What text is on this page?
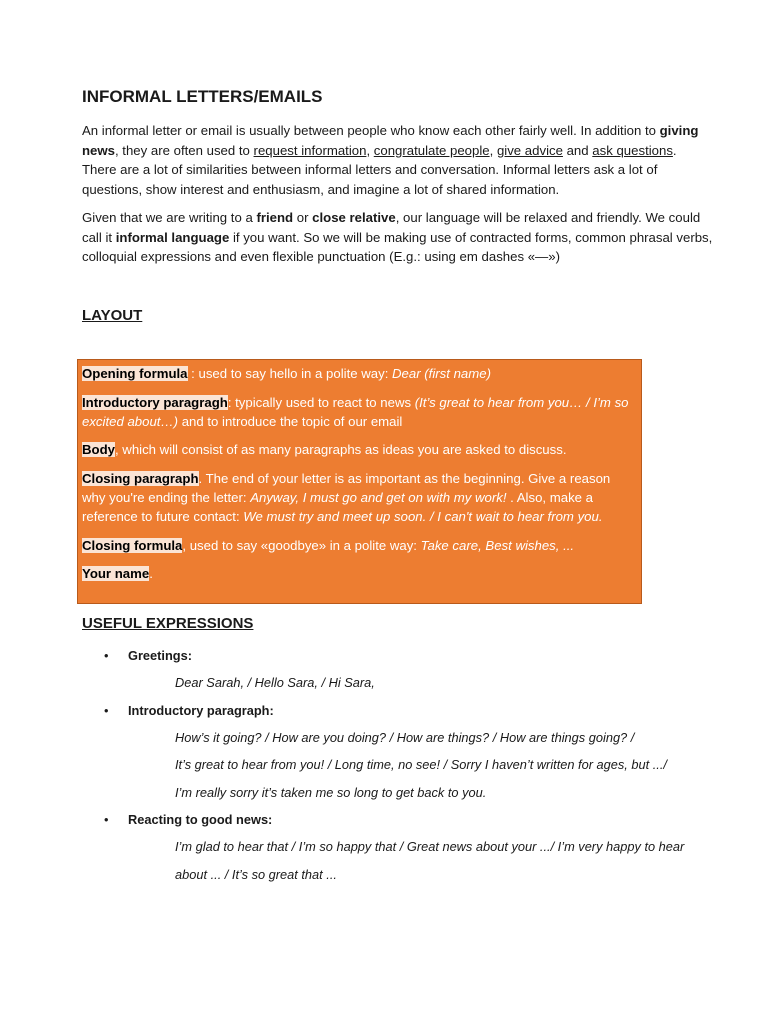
INFORMAL LETTERS/EMAILS

An informal letter or email is usually between people who know each other fairly well. In addition to giving news, they are often used to request information, congratulate people, give advice and ask questions. There are a lot of similarities between informal letters and conversation. Informal letters ask a lot of questions, show interest and enthusiasm, and imagine a lot of shared information.

Given that we are writing to a friend or close relative, our language will be relaxed and friendly. We could call it informal language if you want. So we will be making use of contracted forms, common phrasal verbs, colloquial expressions and even flexible punctuation (E.g.: using em dashes «—»)

LAYOUT
Opening formula : used to say hello in a polite way: Dear (first name)
Introductory paragragh: typically used to react to news (It’s great to hear from you… / I’m so excited about…) and to introduce the topic of our email
Body, which will consist of as many paragraphs as ideas you are asked to discuss.
Closing paragraph. The end of your letter is as important as the beginning. Give a reason why you're ending the letter: Anyway, I must go and get on with my work! . Also, make a reference to future contact: We must try and meet up soon. / I can't wait to hear from you.
Closing formula, used to say «goodbye» in a polite way: Take care, Best wishes, ...
Your name.
USEFUL EXPRESSIONS
• Greetings:
Dear Sarah, / Hello Sara, / Hi Sara,
• Introductory paragraph:
How’s it going? / How are you doing? / How are things? / How are things going? /
It’s great to hear from you! / Long time, no see! / Sorry I haven’t written for ages, but .../
I’m really sorry it’s taken me so long to get back to you.
• Reacting to good news:
I’m glad to hear that / I’m so happy that / Great news about your .../ I’m very happy to hear
about ... / It’s so great that ...
